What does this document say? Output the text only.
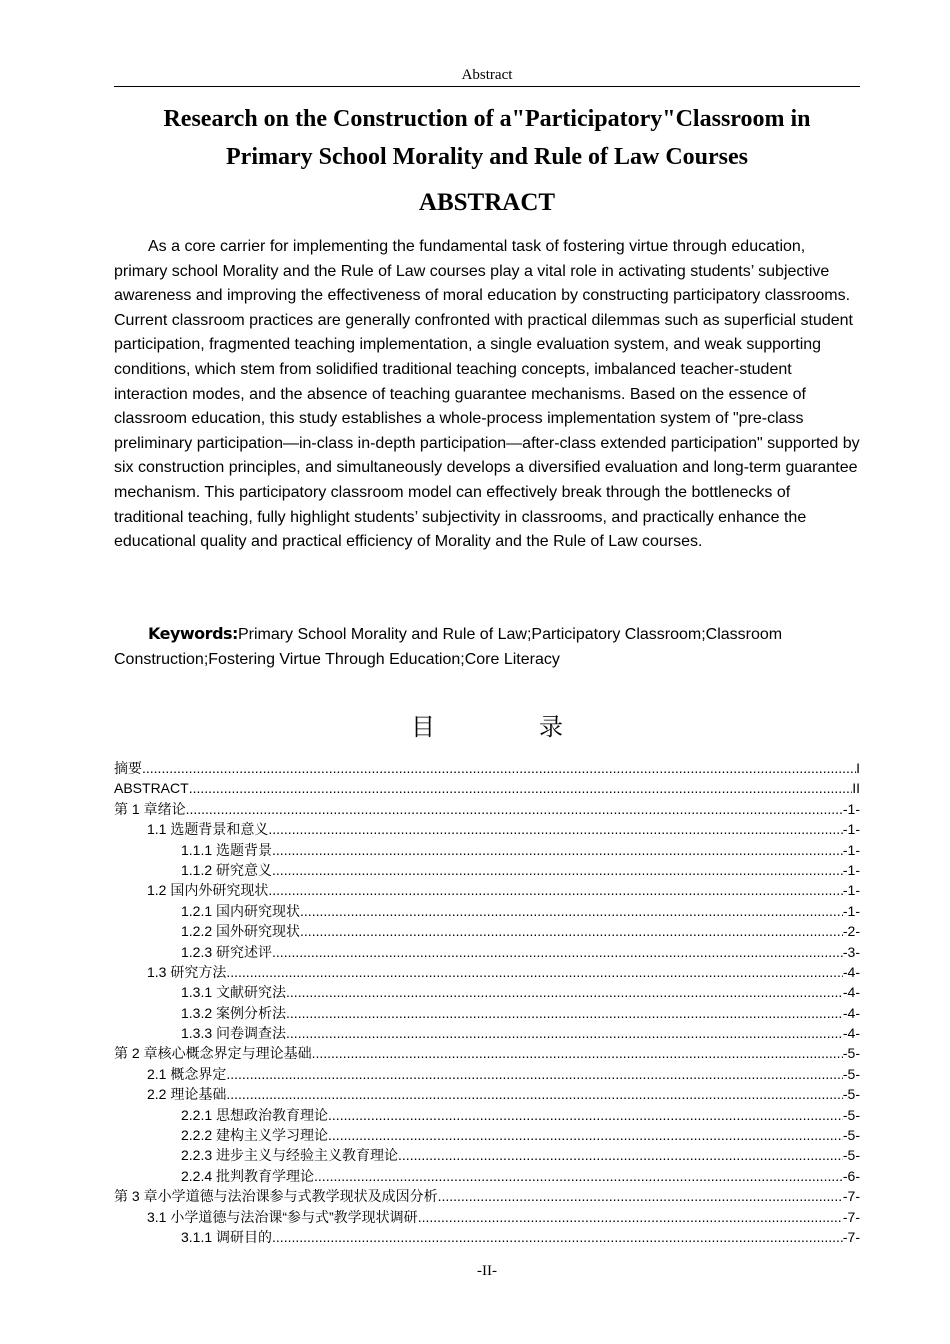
Abstract
Research on the Construction of a"Participatory"Classroom in
Primary School Morality and Rule of Law Courses
ABSTRACT

As a core carrier for implementing the fundamental task of fostering virtue through education, primary school Morality and the Rule of Law courses play a vital role in activating students’ subjective awareness and improving the effectiveness of moral education by constructing participatory classrooms. Current classroom practices are generally confronted with practical dilemmas such as superficial student participation, fragmented teaching implementation, a single evaluation system, and weak supporting conditions, which stem from solidified traditional teaching concepts, imbalanced teacher-student interaction modes, and the absence of teaching guarantee mechanisms. Based on the essence of classroom education, this study establishes a whole-process implementation system of "pre-class preliminary participation—in-class in-depth participation—after-class extended participation" supported by six construction principles, and simultaneously develops a diversified evaluation and long-term guarantee mechanism. This participatory classroom model can effectively break through the bottlenecks of traditional teaching, fully highlight students’ subjectivity in classrooms, and practically enhance the educational quality and practical efficiency of Morality and the Rule of Law courses.

Keywords:Primary School Morality and Rule of Law;Participatory Classroom;Classroom Construction;Fostering Virtue Through Education;Core Literacy

目　录
摘要 .....	I
ABSTRACT .....	II
第 1 章绪论 .....	-1-
1.1 选题背景和意义 .....	-1-
1.1.1 选题背景 .....	-1-
1.1.2 研究意义 .....	-1-
1.2 国内外研究现状 .....	-1-
1.2.1 国内研究现状 .....	-1-
1.2.2 国外研究现状 .....	-2-
1.2.3 研究述评 .....	-3-
1.3 研究方法 .....	-4-
1.3.1 文献研究法 .....	-4-
1.3.2 案例分析法 .....	-4-
1.3.3 问卷调查法 .....	-4-
第 2 章核心概念界定与理论基础 .....	-5-
2.1 概念界定 .....	-5-
2.2 理论基础 .....	-5-
2.2.1 思想政治教育理论 .....	-5-
2.2.2 建构主义学习理论 .....	-5-
2.2.3 进步主义与经验主义教育理论 .....	-5-
2.2.4 批判教育学理论 .....	-6-
第 3 章小学道德与法治课参与式教学现状及成因分析 .....	-7-
3.1 小学道德与法治课“参与式”教学现状调研 .....	-7-
3.1.1 调研目的 .....	-7-
-II-
